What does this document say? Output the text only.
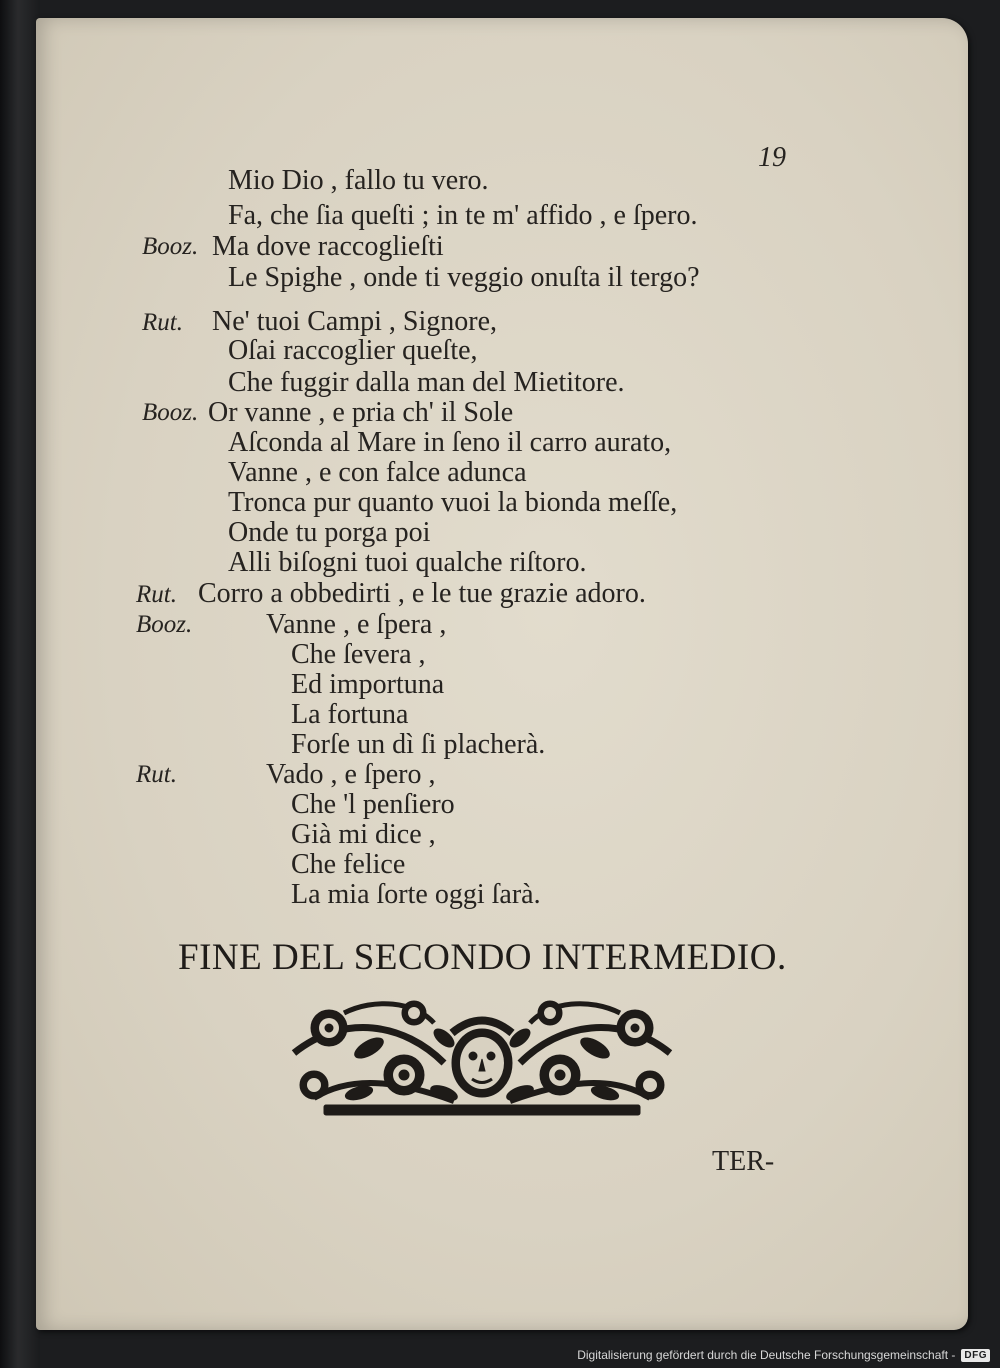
19
Booz.
Rut.
Booz.
Rut.
Booz.
Rut.
Mio Dio , fallo tu vero.
Fa, che ſia queſti ; in te m' affido , e ſpero.
Ma dove raccoglieſti
Le Spighe , onde ti veggio onuſta il tergo?
Ne' tuoi Campi , Signore,
Oſai raccoglier queſte,
Che fuggir dalla man del Mietitore.
Or vanne , e pria ch' il Sole
Aſconda al Mare in ſeno il carro aurato,
Vanne , e con falce adunca
Tronca pur quanto vuoi la bionda meſſe,
Onde tu porga poi
Alli biſogni tuoi qualche riſtoro.
Corro a obbedirti , e le tue grazie adoro.
Vanne , e ſpera ,
Che ſevera ,
Ed importuna
La fortuna
Forſe un dì ſi placherà.
Vado , e ſpero ,
Che 'l penſiero
Già mi dice ,
Che felice
La mia ſorte oggi ſarà.
FINE DEL SECONDO INTERMEDIO.
TER-
Digitalisierung gefördert durch die Deutsche Forschungsgemeinschaft - DFG
